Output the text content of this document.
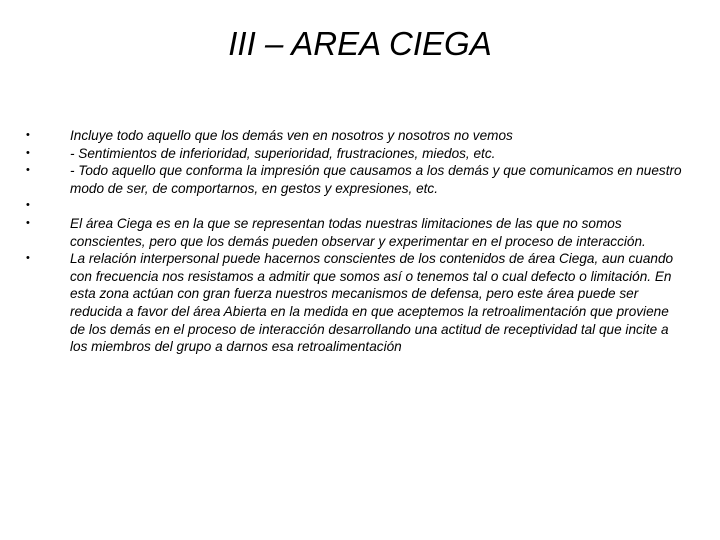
III – AREA CIEGA
•	Incluye todo aquello que los demás ven en nosotros y nosotros no vemos
•	- Sentimientos de inferioridad, superioridad, frustraciones, miedos, etc.
•	- Todo aquello que conforma la impresión que causamos a los demás y que comunicamos en nuestro modo de ser, de comportarnos, en gestos y expresiones, etc.
•
•	El área Ciega es en la que se representan todas nuestras limitaciones de las que no somos conscientes, pero que los demás pueden observar y experimentar en el proceso de interacción.
•	La relación interpersonal puede hacernos conscientes de los contenidos de área Ciega, aun cuando con frecuencia nos resistamos a admitir que somos así o tenemos tal o cual defecto o limitación. En esta zona actúan con gran fuerza nuestros mecanismos de defensa, pero este área puede ser reducida a favor del área Abierta en la medida en que aceptemos la retroalimentación que proviene de los demás en el proceso de interacción desarrollando una actitud de receptividad tal que incite a los miembros del grupo a darnos esa retroalimentación
